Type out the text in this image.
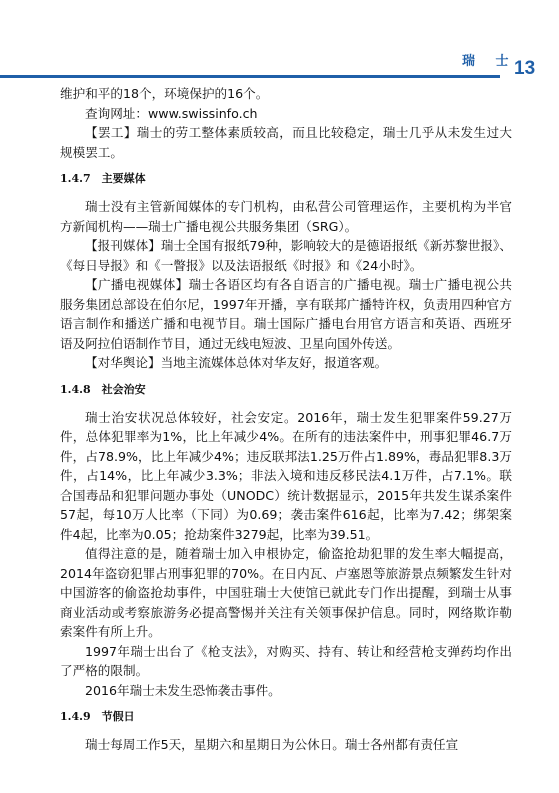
瑞 士
13

维护和平的18个，环境保护的16个。

查询网址：www.swissinfo.ch

【罢工】瑞士的劳工整体素质较高，而且比较稳定，瑞士几乎从未发生过大规模罢工。

1.4.7　主要媒体

瑞士没有主管新闻媒体的专门机构，由私营公司管理运作，主要机构为半官方新闻机构——瑞士广播电视公共服务集团（SRG）。

【报刊媒体】瑞士全国有报纸79种，影响较大的是德语报纸《新苏黎世报》、《每日导报》和《一瞥报》以及法语报纸《时报》和《24小时》。

【广播电视媒体】瑞士各语区均有各自语言的广播电视。瑞士广播电视公共服务集团总部设在伯尔尼，1997年开播，享有联邦广播特许权，负责用四种官方语言制作和播送广播和电视节目。瑞士国际广播电台用官方语言和英语、西班牙语及阿拉伯语制作节目，通过无线电短波、卫星向国外传送。

【对华舆论】当地主流媒体总体对华友好，报道客观。

1.4.8　社会治安

瑞士治安状况总体较好，社会安定。2016年，瑞士发生犯罪案件59.27万件，总体犯罪率为1%，比上年减少4%。在所有的违法案件中，刑事犯罪46.7万件，占78.9%，比上年减少4%；违反联邦法1.25万件占1.89%，毒品犯罪8.3万件，占14%，比上年减少3.3%；非法入境和违反移民法4.1万件，占7.1%。联合国毒品和犯罪问题办事处（UNODC）统计数据显示，2015年共发生谋杀案件57起，每10万人比率（下同）为0.69；袭击案件616起，比率为7.42；绑架案件4起，比率为0.05；抢劫案件3279起，比率为39.51。

值得注意的是，随着瑞士加入申根协定，偷盗抢劫犯罪的发生率大幅提高，2014年盗窃犯罪占刑事犯罪的70%。在日内瓦、卢塞恩等旅游景点频繁发生针对中国游客的偷盗抢劫事件，中国驻瑞士大使馆已就此专门作出提醒，到瑞士从事商业活动或考察旅游务必提高警惕并关注有关领事保护信息。同时，网络欺诈勒索案件有所上升。

1997年瑞士出台了《枪支法》，对购买、持有、转让和经营枪支弹药均作出了严格的限制。

2016年瑞士未发生恐怖袭击事件。

1.4.9　节假日

瑞士每周工作5天，星期六和星期日为公休日。瑞士各州都有责任宣
